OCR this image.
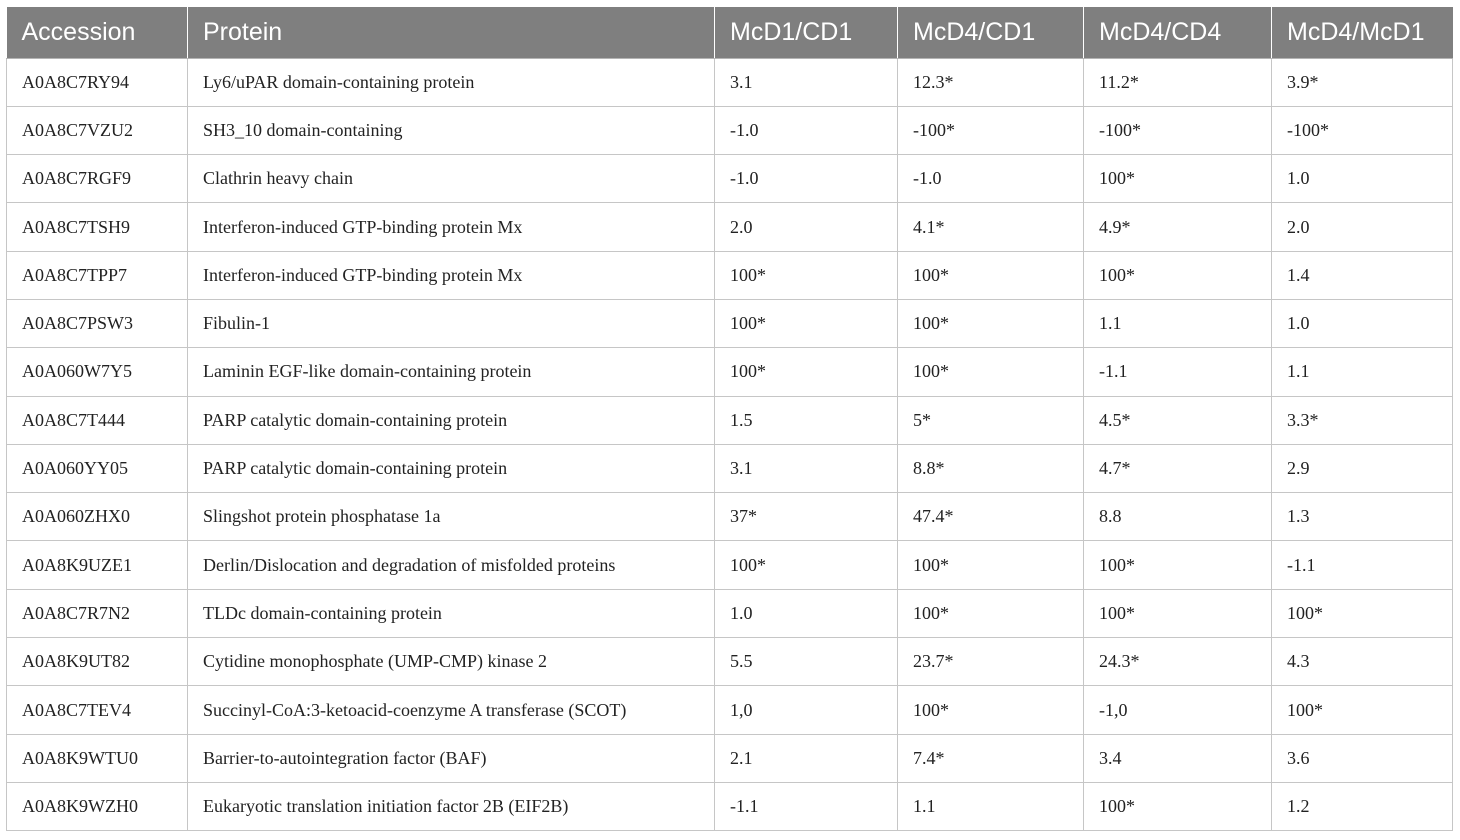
Accession	Protein	McD1/CD1	McD4/CD1	McD4/CD4	McD4/McD1
A0A8C7RY94	Ly6/uPAR domain-containing protein	3.1	12.3*	11.2*	3.9*
A0A8C7VZU2	SH3_10 domain-containing	-1.0	-100*	-100*	-100*
A0A8C7RGF9	Clathrin heavy chain	-1.0	-1.0	100*	1.0
A0A8C7TSH9	Interferon-induced GTP-binding protein Mx	2.0	4.1*	4.9*	2.0
A0A8C7TPP7	Interferon-induced GTP-binding protein Mx	100*	100*	100*	1.4
A0A8C7PSW3	Fibulin-1	100*	100*	1.1	1.0
A0A060W7Y5	Laminin EGF-like domain-containing protein	100*	100*	-1.1	1.1
A0A8C7T444	PARP catalytic domain-containing protein	1.5	5*	4.5*	3.3*
A0A060YY05	PARP catalytic domain-containing protein	3.1	8.8*	4.7*	2.9
A0A060ZHX0	Slingshot protein phosphatase 1a	37*	47.4*	8.8	1.3
A0A8K9UZE1	Derlin/Dislocation and degradation of misfolded proteins	100*	100*	100*	-1.1
A0A8C7R7N2	TLDc domain-containing protein	1.0	100*	100*	100*
A0A8K9UT82	Cytidine monophosphate (UMP-CMP) kinase 2	5.5	23.7*	24.3*	4.3
A0A8C7TEV4	Succinyl-CoA:3-ketoacid-coenzyme A transferase (SCOT)	1,0	100*	-1,0	100*
A0A8K9WTU0	Barrier-to-autointegration factor (BAF)	2.1	7.4*	3.4	3.6
A0A8K9WZH0	Eukaryotic translation initiation factor 2B (EIF2B)	-1.1	1.1	100*	1.2
